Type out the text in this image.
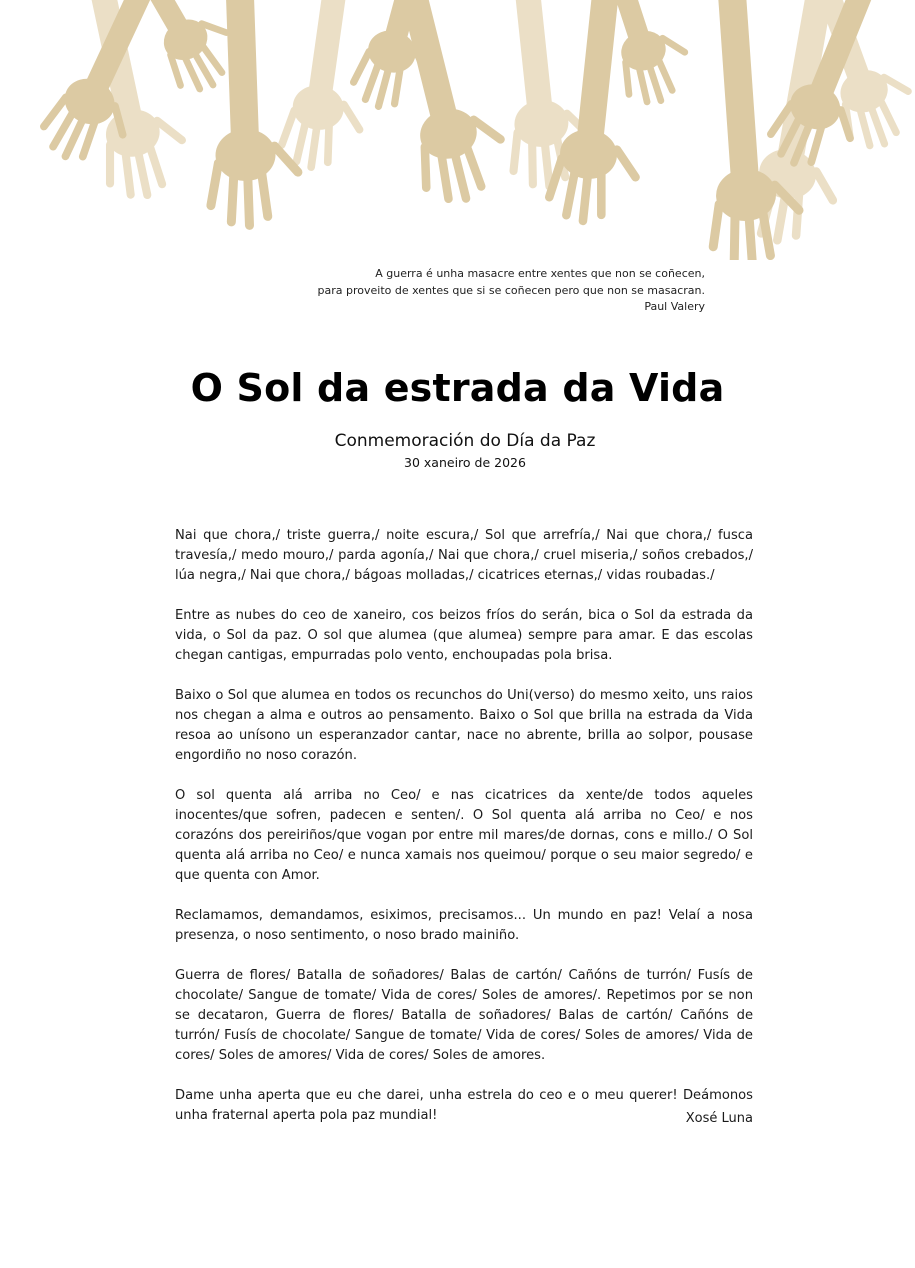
A guerra é unha masacre entre xentes que non se coñecen,
para proveito de xentes que si se coñecen pero que non se masacran.
Paul Valery
O Sol da estrada da Vida
Conmemoración do Día da Paz
30 xaneiro de 2026

Nai que chora,/ triste guerra,/ noite escura,/ Sol que arrefría,/ Nai que chora,/ fusca travesía,/ medo mouro,/ parda agonía,/ Nai que chora,/ cruel miseria,/ soños crebados,/ lúa negra,/ Nai que chora,/ bágoas molladas,/ cicatrices eternas,/ vidas roubadas./

Entre as nubes do ceo de xaneiro, cos beizos fríos do serán, bica o Sol da estrada da vida, o Sol da paz. O sol que alumea (que alumea) sempre para amar. E das escolas chegan cantigas, empurradas polo vento, enchoupadas pola brisa.

Baixo o Sol que alumea en todos os recunchos do Uni(verso) do mesmo xeito, uns raios nos chegan a alma e outros ao pensamento. Baixo o Sol que brilla na estrada da Vida resoa ao unísono un esperanzador cantar, nace no abrente, brilla ao solpor, pousase engordiño no noso corazón.

O sol quenta alá arriba no Ceo/ e nas cicatrices da xente/de todos aqueles inocentes/que sofren, padecen e senten/. O Sol quenta alá arriba no Ceo/ e nos corazóns dos pereiriños/que vogan por entre mil mares/de dornas, cons e millo./ O Sol quenta alá arriba no Ceo/ e nunca xamais nos queimou/ porque o seu maior segredo/ e que quenta con Amor.

Reclamamos, demandamos, esiximos, precisamos... Un mundo en paz! Velaí a nosa presenza, o noso sentimento, o noso brado mainiño.

Guerra de flores/ Batalla de soñadores/ Balas de cartón/ Cañóns de turrón/ Fusís de chocolate/ Sangue de tomate/ Vida de cores/ Soles de amores/. Repetimos por se non se decataron, Guerra de flores/ Batalla de soñadores/ Balas de cartón/ Cañóns de turrón/ Fusís de chocolate/ Sangue de tomate/ Vida de cores/ Soles de amores/ Vida de cores/ Soles de amores/ Vida de cores/ Soles de amores.

Dame unha aperta que eu che darei, unha estrela do ceo e o meu querer! Deámonos unha fraternal aperta pola paz mundial!	Xosé Luna
